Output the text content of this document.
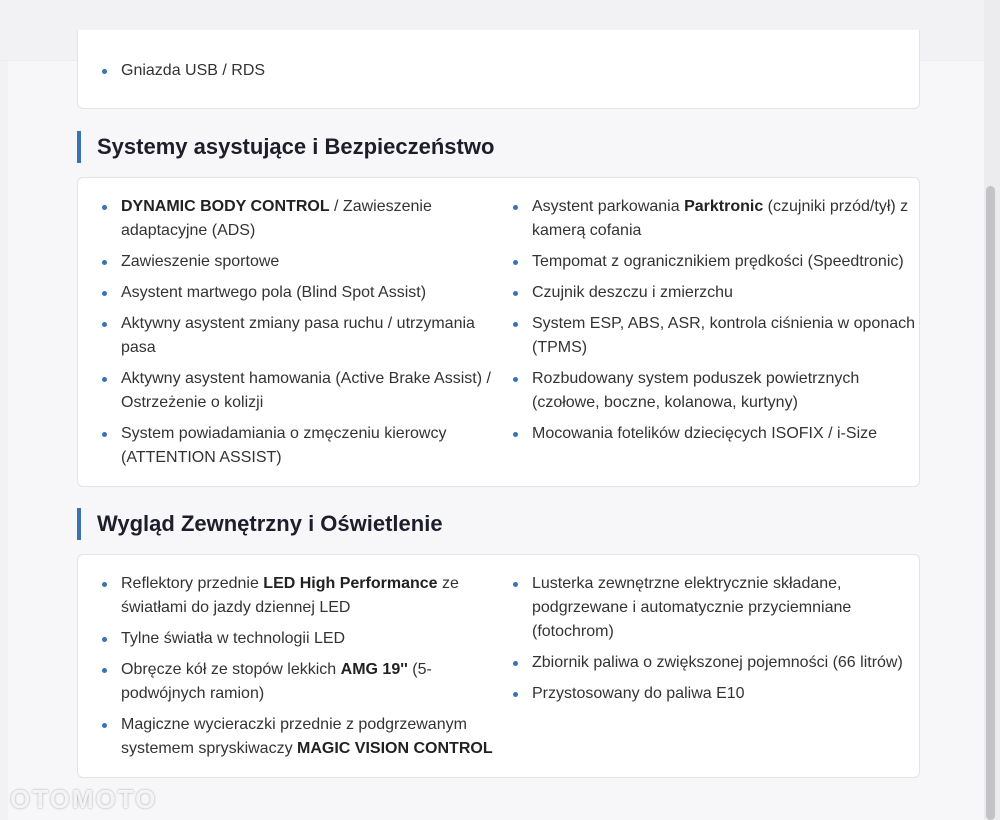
Gniazda USB / RDS
Systemy asystujące i Bezpieczeństwo
DYNAMIC BODY CONTROL / Zawieszenie adaptacyjne (ADS)
Zawieszenie sportowe
Asystent martwego pola (Blind Spot Assist)
Aktywny asystent zmiany pasa ruchu / utrzymania pasa
Aktywny asystent hamowania (Active Brake Assist) / Ostrzeżenie o kolizji
System powiadamiania o zmęczeniu kierowcy (ATTENTION ASSIST)
Asystent parkowania Parktronic (czujniki przód/tył) z kamerą cofania
Tempomat z ogranicznikiem prędkości (Speedtronic)
Czujnik deszczu i zmierzchu
System ESP, ABS, ASR, kontrola ciśnienia w oponach (TPMS)
Rozbudowany system poduszek powietrznych (czołowe, boczne, kolanowa, kurtyny)
Mocowania fotelików dziecięcych ISOFIX / i-Size
Wygląd Zewnętrzny i Oświetlenie
Reflektory przednie LED High Performance ze światłami do jazdy dziennej LED
Tylne światła w technologii LED
Obręcze kół ze stopów lekkich AMG 19'' (5-podwójnych ramion)
Magiczne wycieraczki przednie z podgrzewanym systemem spryskiwaczy MAGIC VISION CONTROL
Lusterka zewnętrzne elektrycznie składane, podgrzewane i automatycznie przyciemniane (fotochrom)
Zbiornik paliwa o zwiększonej pojemności (66 litrów)
Przystosowany do paliwa E10
OTOMOTO
